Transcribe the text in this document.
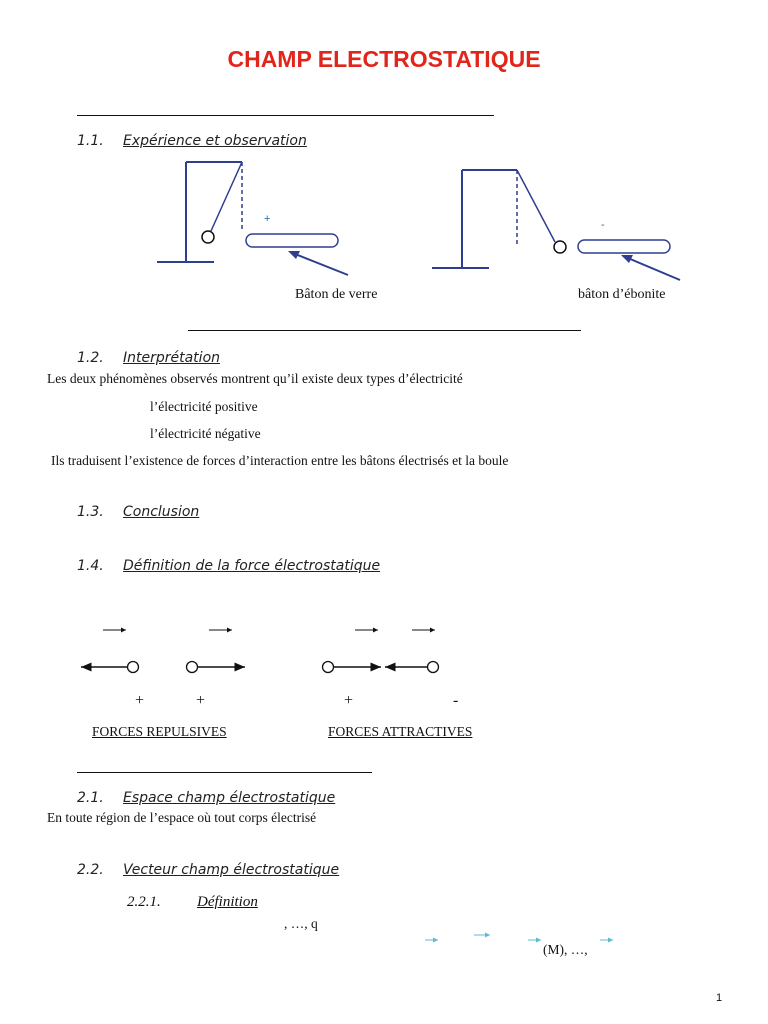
CHAMP ELECTROSTATIQUE
1.1. Expérience et observation
+	-
Bâton de verre	bâton d’ébonite
1.2. Interprétation
Les deux phénomènes observés montrent qu’il existe deux types d’électricité
l’électricité positive
l’électricité négative
Ils traduisent l’existence de forces d’interaction entre les bâtons électrisés et la boule
1.3. Conclusion
1.4. Définition de la force électrostatique
+	+	+	-
FORCES REPULSIVES	FORCES ATTRACTIVES
2.1. Espace champ électrostatique
En toute région de l’espace où tout corps électrisé
2.2. Vecteur champ électrostatique
2.2.1. Définition
, …, q
(M), …,
1
